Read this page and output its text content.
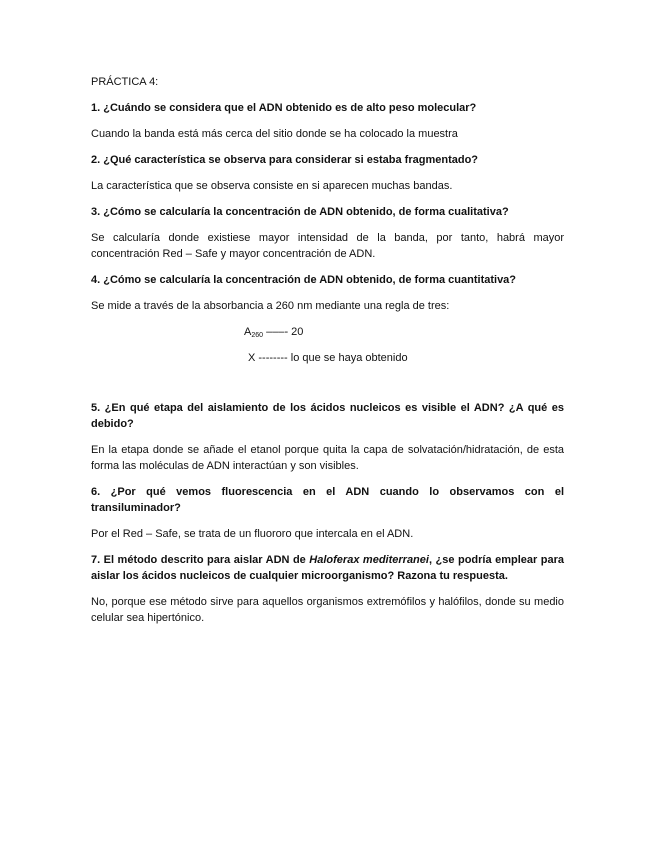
PRÁCTICA 4:

1. ¿Cuándo se considera que el ADN obtenido es de alto peso molecular?

Cuando la banda está más cerca del sitio donde se ha colocado la muestra

2. ¿Qué característica se observa para considerar si estaba fragmentado?

La característica que se observa consiste en si aparecen muchas bandas.

3. ¿Cómo se calcularía la concentración de ADN obtenido, de forma cualitativa?

Se calcularía donde existiese mayor intensidad de la banda, por tanto, habrá mayor concentración Red – Safe y mayor concentración de ADN.

4. ¿Cómo se calcularía la concentración de ADN obtenido, de forma cuantitativa?

Se mide a través de la absorbancia a 260 nm mediante una regla de tres:

$A_{260}$ –––- 20

X -------- lo que se haya obtenido

5. ¿En qué etapa del aislamiento de los ácidos nucleicos es visible el ADN? ¿A qué es debido?

En la etapa donde se añade el etanol porque quita la capa de solvatación/hidratación, de esta forma las moléculas de ADN interactúan y son visibles.

6. ¿Por qué vemos fluorescencia en el ADN cuando lo observamos con el transiluminador?

Por el Red – Safe, se trata de un fluororo que intercala en el ADN.

7. El método descrito para aislar ADN de Haloferax mediterranei, ¿se podría emplear para aislar los ácidos nucleicos de cualquier microorganismo? Razona tu respuesta.

No, porque ese método sirve para aquellos organismos extremófilos y halófilos, donde su medio celular sea hipertónico.
